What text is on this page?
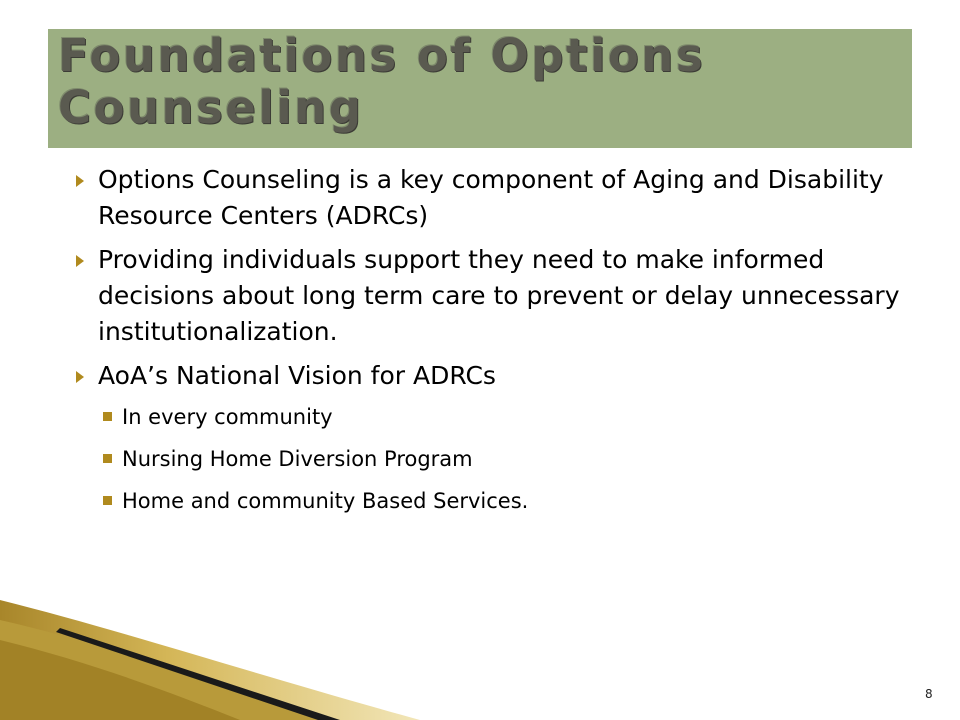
Foundations of Options Counseling
Options Counseling is a key component of Aging and Disability Resource Centers (ADRCs)
Providing individuals support they need to make informed decisions about long term care to prevent or delay unnecessary institutionalization.
AoA’s National Vision for ADRCs
In every community
Nursing Home Diversion Program
Home and community Based Services.
8
